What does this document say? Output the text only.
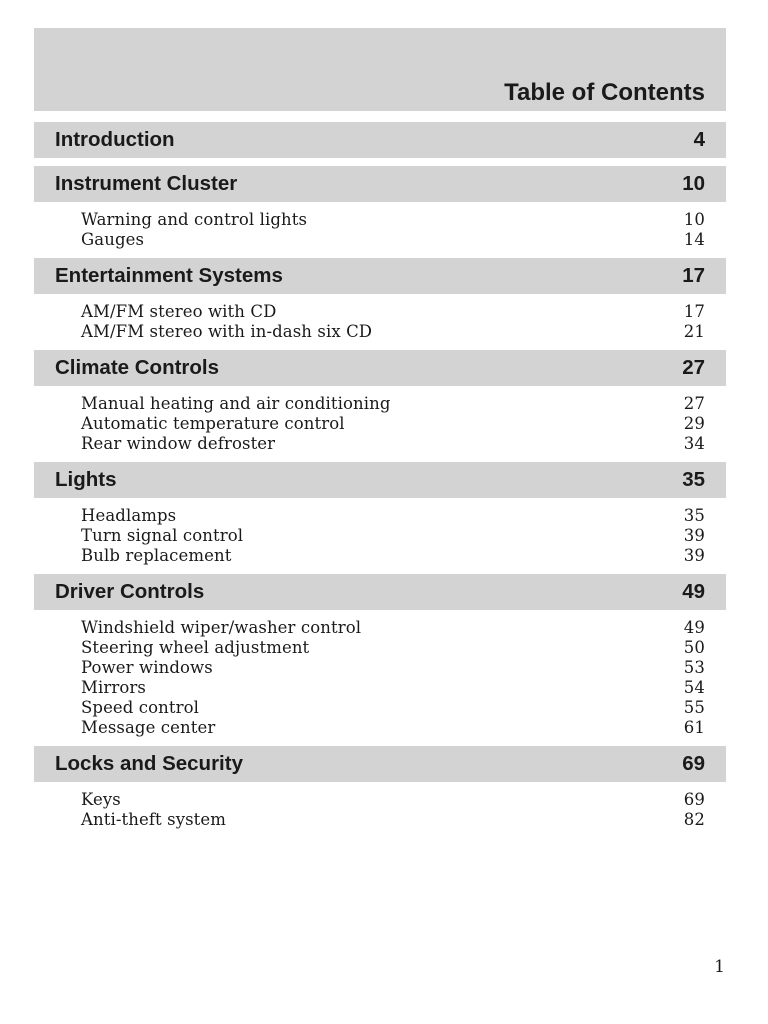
Table of Contents
Introduction	4
Instrument Cluster	10
Warning and control lights	10
Gauges	14
Entertainment Systems	17
AM/FM stereo with CD	17
AM/FM stereo with in-dash six CD	21
Climate Controls	27
Manual heating and air conditioning	27
Automatic temperature control	29
Rear window defroster	34
Lights	35
Headlamps	35
Turn signal control	39
Bulb replacement	39
Driver Controls	49
Windshield wiper/washer control	49
Steering wheel adjustment	50
Power windows	53
Mirrors	54
Speed control	55
Message center	61
Locks and Security	69
Keys	69
Anti-theft system	82
1
